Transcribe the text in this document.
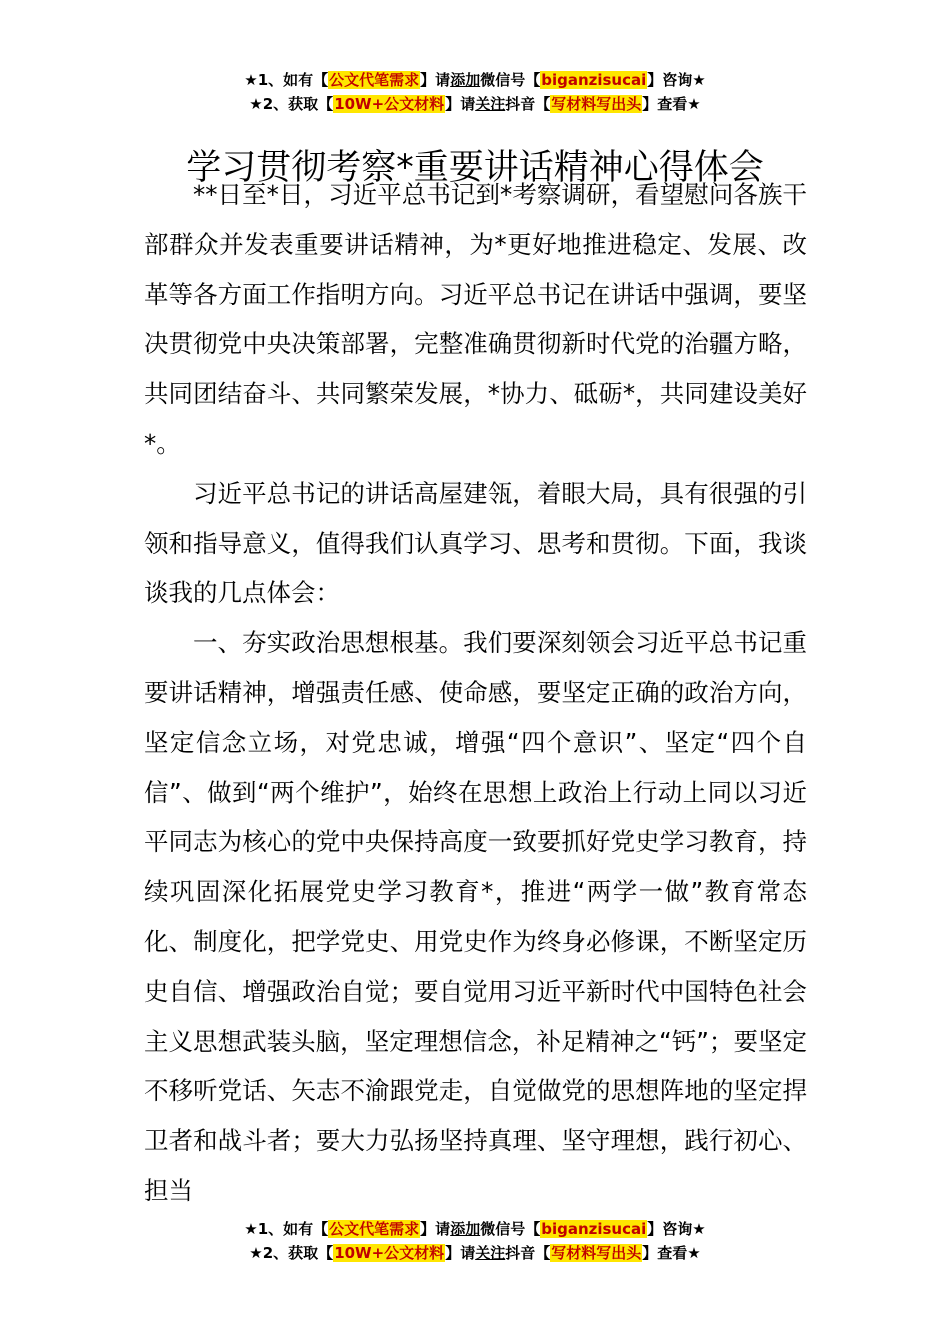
★1、如有【公文代笔需求】请添加微信号【biganzisucai】咨询★
★2、获取【10W+公文材料】请关注抖音【写材料写出头】查看★
学习贯彻考察*重要讲话精神心得体会

**日至*日，习近平总书记到*考察调研，看望慰问各族干部群众并发表重要讲话精神，为*更好地推进稳定、发展、改革等各方面工作指明方向。习近平总书记在讲话中强调，要坚决贯彻党中央决策部署，完整准确贯彻新时代党的治疆方略，共同团结奋斗、共同繁荣发展，*协力、砥砺*，共同建设美好*。

习近平总书记的讲话高屋建瓴，着眼大局，具有很强的引领和指导意义，值得我们认真学习、思考和贯彻。下面，我谈谈我的几点体会：

一、夯实政治思想根基。我们要深刻领会习近平总书记重要讲话精神，增强责任感、使命感，要坚定正确的政治方向，坚定信念立场，对党忠诚，增强“四个意识”、坚定“四个自信”、做到“两个维护”，始终在思想上政治上行动上同以习近平同志为核心的党中央保持高度一致要抓好党史学习教育，持续巩固深化拓展党史学习教育*，推进“两学一做”教育常态化、制度化，把学党史、用党史作为终身必修课，不断坚定历史自信、增强政治自觉；要自觉用习近平新时代中国特色社会主义思想武装头脑，坚定理想信念，补足精神之“钙”；要坚定不移听党话、矢志不渝跟党走，自觉做党的思想阵地的坚定捍卫者和战斗者；要大力弘扬坚持真理、坚守理想，践行初心、担当

★1、如有【公文代笔需求】请添加微信号【biganzisucai】咨询★
★2、获取【10W+公文材料】请关注抖音【写材料写出头】查看★
